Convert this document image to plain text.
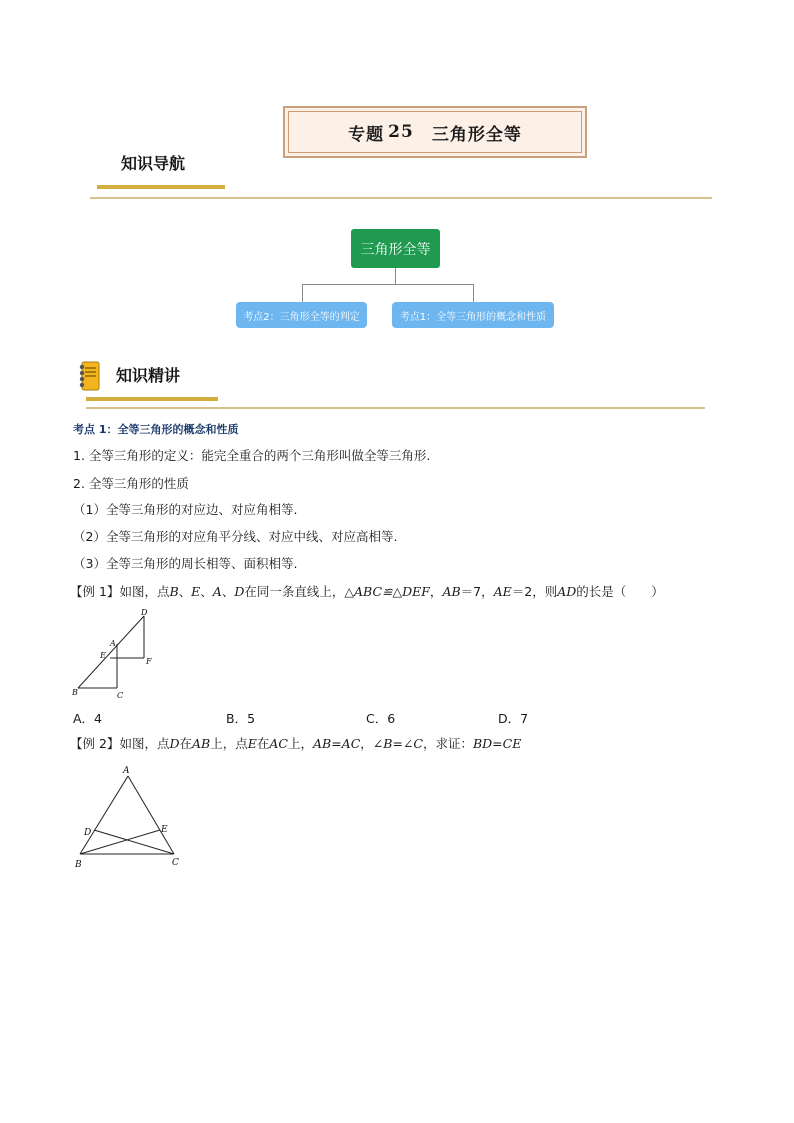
专题 25 三角形全等
知识导航
三角形全等
考点2：三角形全等的判定	考点1：全等三角形的概念和性质
知识精讲
考点 1：全等三角形的概念和性质
1. 全等三角形的定义：能完全重合的两个三角形叫做全等三角形.
2. 全等三角形的性质
（1）全等三角形的对应边、对应角相等.
（2）全等三角形的对应角平分线、对应中线、对应高相等.
（3）全等三角形的周长相等、面积相等.
【例 1】如图，点B、E、A、D在同一条直线上，△ABC≌△DEF，AB＝7，AE＝2，则AD的长是（　　）
D
A
E
F
B	C
A．4	B．5	C．6	D．7
【例 2】如图，点D在AB上，点E在AC上，AB=AC，∠B=∠C，求证：BD=CE
A
D	E
B	C
